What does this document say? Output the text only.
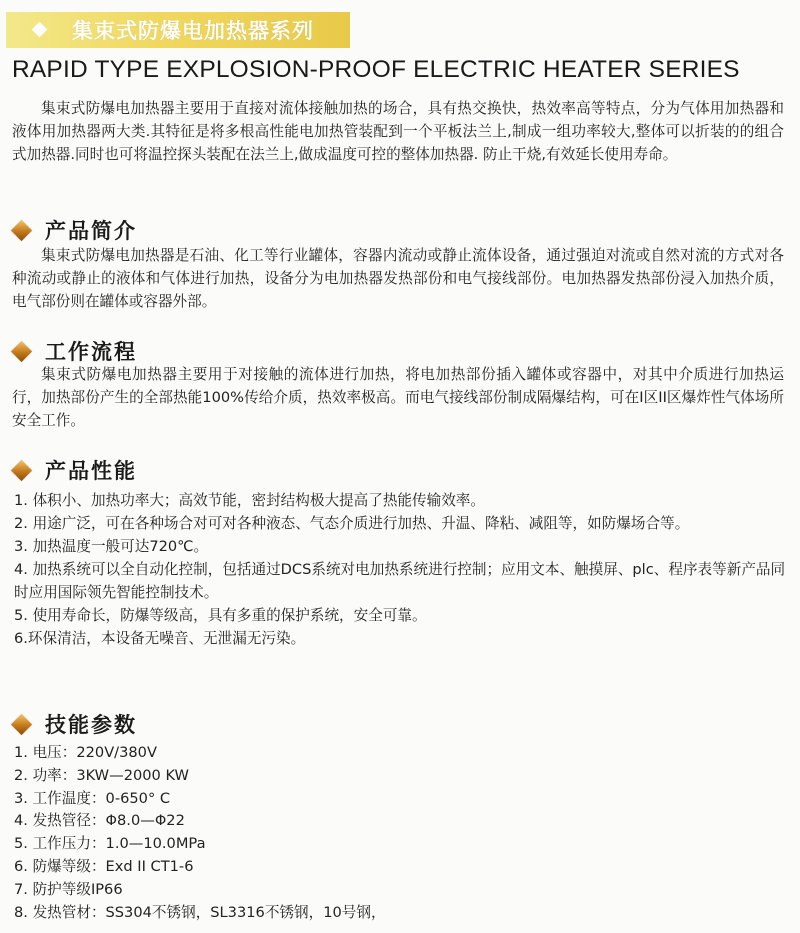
集束式防爆电加热器系列
RAPID TYPE EXPLOSION-PROOF ELECTRIC HEATER SERIES
集束式防爆电加热器主要用于直接对流体接触加热的场合，具有热交换快，热效率高等特点，分为气体用加热器和液体用加热器两大类.其特征是将多根高性能电加热管装配到一个平板法兰上,制成一组功率较大,整体可以折装的的组合式加热器.同时也可将温控探头装配在法兰上,做成温度可控的整体加热器. 防止干烧,有效延长使用寿命。
产品简介
集束式防爆电加热器是石油、化工等行业罐体，容器内流动或静止流体设备，通过强迫对流或自然对流的方式对各种流动或静止的液体和气体进行加热，设备分为电加热器发热部份和电气接线部份。电加热器发热部份浸入加热介质，电气部份则在罐体或容器外部。
工作流程
集束式防爆电加热器主要用于对接触的流体进行加热，将电加热部份插入罐体或容器中，对其中介质进行加热运行，加热部份产生的全部热能100%传给介质，热效率极高。而电气接线部份制成隔爆结构，可在I区II区爆炸性气体场所安全工作。
产品性能
1. 体积小、加热功率大；高效节能，密封结构极大提高了热能传输效率。
2. 用途广泛，可在各种场合对可对各种液态、气态介质进行加热、升温、降粘、减阻等，如防爆场合等。
3. 加热温度一般可达720℃。
4. 加热系统可以全自动化控制，包括通过DCS系统对电加热系统进行控制；应用文本、触摸屏、plc、程序表等新产品同时应用国际领先智能控制技术。
5. 使用寿命长，防爆等级高，具有多重的保护系统，安全可靠。
6.环保清洁，本设备无噪音、无泄漏无污染。
技能参数
1. 电压：220V/380V
2. 功率：3KW—2000 KW
3. 工作温度：0-650° C
4. 发热管径：Φ8.0—Φ22
5. 工作压力：1.0—10.0MPa
6. 防爆等级：Exd II CT1-6
7. 防护等级IP66
8. 发热管材：SS304不锈钢，SL3316不锈钢，10号钢，
